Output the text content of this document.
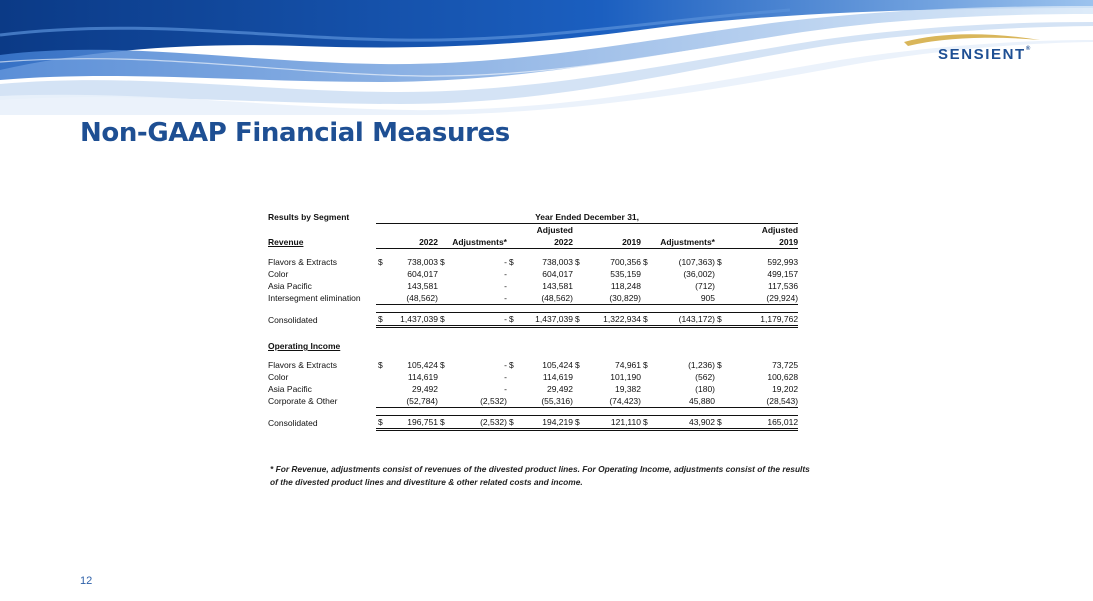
SENSIENT®
Non-GAAP Financial Measures
Results by Segment	Year Ended December 31,											
					Adjusted						Adjusted	
Revenue	2022		Adjustments*		2022		2019		Adjustments*		2019	

Flavors & Extracts	$	738,003	$	-	$	738,003	$	700,356	$	(107,363)	$	592,993
Color		604,017		-		604,017		535,159		(36,002)		499,157
Asia Pacific		143,581		-		143,581		118,248		(712)		117,536
Intersegment elimination		(48,562)		-		(48,562)		(30,829)		905		(29,924)

Consolidated	$	1,437,039	$	-	$	1,437,039	$	1,322,934	$	(143,172)	$	1,179,762

Operating Income												

Flavors & Extracts	$	105,424	$	-	$	105,424	$	74,961	$	(1,236)	$	73,725
Color		114,619		-		114,619		101,190		(562)		100,628
Asia Pacific		29,492		-		29,492		19,382		(180)		19,202
Corporate & Other		(52,784)		(2,532)		(55,316)		(74,423)		45,880		(28,543)

Consolidated	$	196,751	$	(2,532)	$	194,219	$	121,110	$	43,902	$	165,012

* For Revenue, adjustments consist of revenues of the divested product lines. For Operating Income, adjustments consist of the results of the divested product lines and divestiture & other related costs and income.

12
